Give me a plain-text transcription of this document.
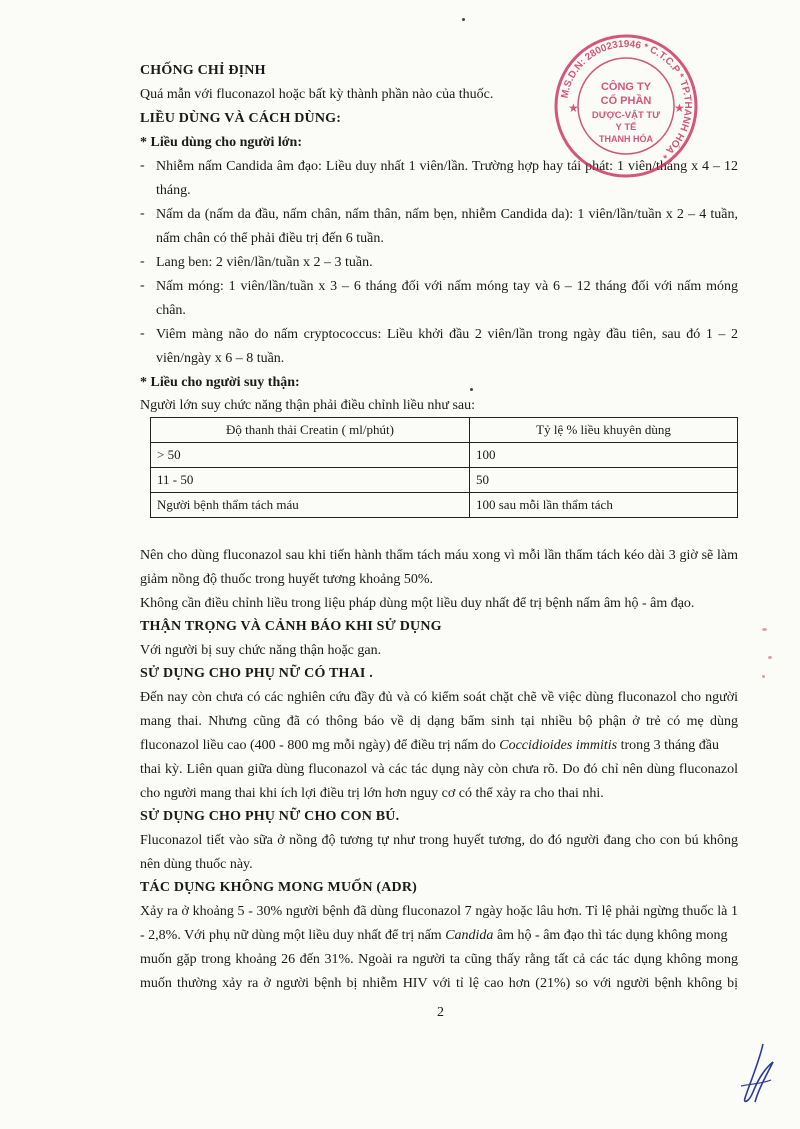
CHỐNG CHỈ ĐỊNH
Quá mẫn với fluconazol hoặc bất kỳ thành phần nào của thuốc.
LIỀU DÙNG VÀ CÁCH DÙNG:
* Liều dùng cho người lớn:
- Nhiễm nấm Candida âm đạo: Liều duy nhất 1 viên/lần. Trường hợp hay tái phát: 1 viên/tháng x 4 – 12
tháng.
- Nấm da (nấm da đầu, nấm chân, nấm thân, nấm bẹn, nhiễm Candida da): 1 viên/lần/tuần x 2 – 4 tuần,
nấm chân có thể phải điều trị đến 6 tuần.
- Lang ben: 2 viên/lần/tuần x 2 – 3 tuần.
- Nấm móng: 1 viên/lần/tuần x 3 – 6 tháng đối với nấm móng tay và 6 – 12 tháng đối với nấm móng
chân.
- Viêm màng não do nấm cryptococcus: Liều khởi đầu 2 viên/lần trong ngày đầu tiên, sau đó 1 – 2
viên/ngày x 6 – 8 tuần.
* Liều cho người suy thận:
Người lớn suy chức năng thận phải điều chỉnh liều như sau:
Độ thanh thải Creatin ( ml/phút)	Tỷ lệ % liều khuyên dùng
> 50	100
11 - 50	50
Người bệnh thẩm tách máu	100 sau mỗi lần thẩm tách
Nên cho dùng fluconazol sau khi tiến hành thẩm tách máu xong vì mỗi lần thẩm tách kéo dài 3 giờ sẽ làm
giảm nồng độ thuốc trong huyết tương khoảng 50%.
Không cần điều chỉnh liều trong liệu pháp dùng một liều duy nhất để trị bệnh nấm âm hộ - âm đạo.
THẬN TRỌNG VÀ CẢNH BÁO KHI SỬ DỤNG
Với người bị suy chức năng thận hoặc gan.
SỬ DỤNG CHO PHỤ NỮ CÓ THAI .
Đến nay còn chưa có các nghiên cứu đầy đủ và có kiểm soát chặt chẽ về việc dùng fluconazol cho người
mang thai. Nhưng cũng đã có thông báo về dị dạng bẩm sinh tại nhiều bộ phận ở trẻ có mẹ dùng
fluconazol liều cao (400 - 800 mg mỗi ngày) để điều trị nấm do Coccidioides immitis trong 3 tháng đầu
thai kỳ. Liên quan giữa dùng fluconazol và các tác dụng này còn chưa rõ. Do đó chỉ nên dùng fluconazol
cho người mang thai khi ích lợi điều trị lớn hơn nguy cơ có thể xảy ra cho thai nhi.
SỬ DỤNG CHO PHỤ NỮ CHO CON BÚ.
Fluconazol tiết vào sữa ở nồng độ tương tự như trong huyết tương, do đó người đang cho con bú không
nên dùng thuốc này.
TÁC DỤNG KHÔNG MONG MUỐN (ADR)
Xảy ra ở khoảng 5 - 30% người bệnh đã dùng fluconazol 7 ngày hoặc lâu hơn. Tỉ lệ phải ngừng thuốc là 1
- 2,8%. Với phụ nữ dùng một liều duy nhất để trị nấm Candida âm hộ - âm đạo thì tác dụng không mong
muốn gặp trong khoảng 26 đến 31%. Ngoài ra người ta cũng thấy rằng tất cả các tác dụng không mong
muốn thường xảy ra ở người bệnh bị nhiễm HIV với tỉ lệ cao hơn (21%) so với người bệnh không bị
2
M.S.D.N: 2800231946 * C.T.C.P * TP.THANH HÓA *
CÔNG TY
CỔ PHẦN
DƯỢC-VẬT TƯ
Y TẾ
THANH HÓA
★	★
